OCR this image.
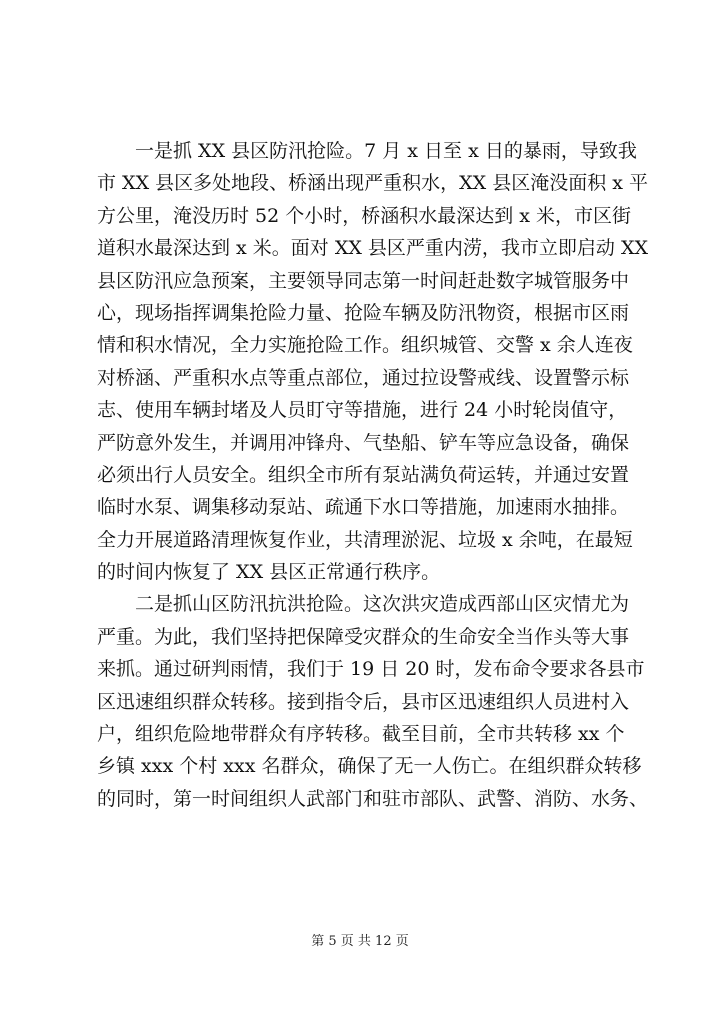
　　一是抓 XX 县区防汛抢险。7 月 x 日至 x 日的暴雨，导致我
市 XX 县区多处地段、桥涵出现严重积水，XX 县区淹没面积 x 平
方公里，淹没历时 52 个小时，桥涵积水最深达到 x 米，市区街
道积水最深达到 x 米。面对 XX 县区严重内涝，我市立即启动 XX
县区防汛应急预案，主要领导同志第一时间赶赴数字城管服务中
心，现场指挥调集抢险力量、抢险车辆及防汛物资，根据市区雨
情和积水情况，全力实施抢险工作。组织城管、交警 x 余人连夜
对桥涵、严重积水点等重点部位，通过拉设警戒线、设置警示标
志、使用车辆封堵及人员盯守等措施，进行 24 小时轮岗值守，
严防意外发生，并调用冲锋舟、气垫船、铲车等应急设备，确保
必须出行人员安全。组织全市所有泵站满负荷运转，并通过安置
临时水泵、调集移动泵站、疏通下水口等措施，加速雨水抽排。
全力开展道路清理恢复作业，共清理淤泥、垃圾 x 余吨，在最短
的时间内恢复了 XX 县区正常通行秩序。
　　二是抓山区防汛抗洪抢险。这次洪灾造成西部山区灾情尤为
严重。为此，我们坚持把保障受灾群众的生命安全当作头等大事
来抓。通过研判雨情，我们于 19 日 20 时，发布命令要求各县市
区迅速组织群众转移。接到指令后，县市区迅速组织人员进村入
户，组织危险地带群众有序转移。截至目前，全市共转移 xx 个
乡镇 xxx 个村 xxx 名群众，确保了无一人伤亡。在组织群众转移
的同时，第一时间组织人武部门和驻市部队、武警、消防、水务、
第 5 页 共 12 页
